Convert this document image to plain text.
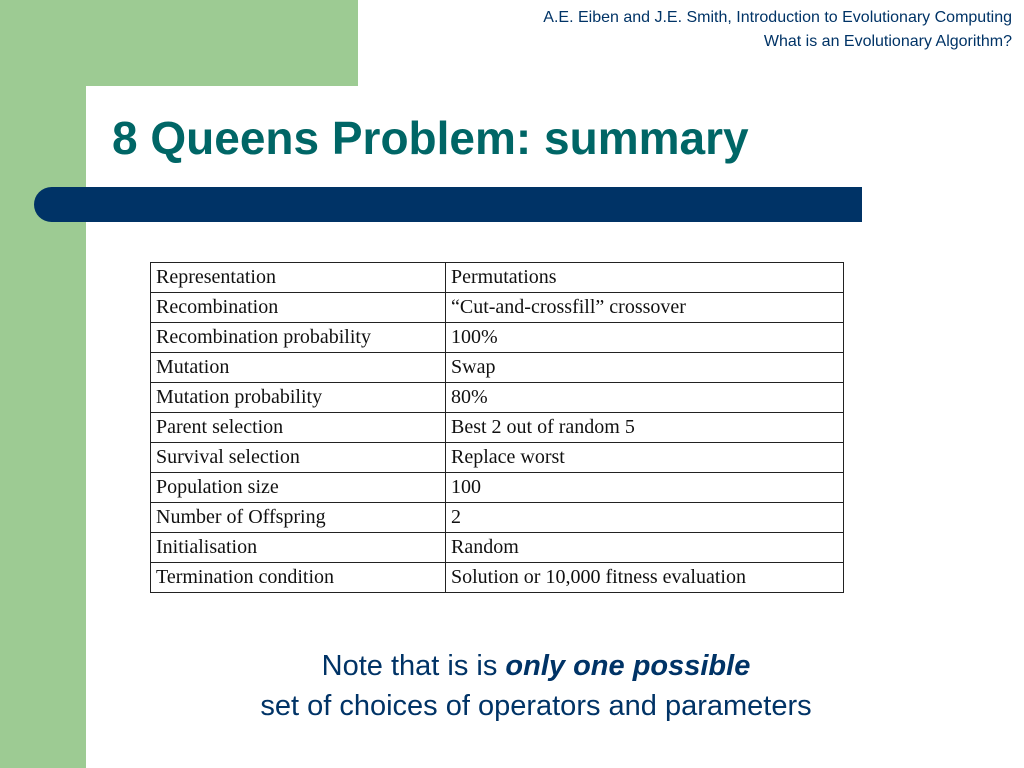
A.E. Eiben and J.E. Smith, Introduction to Evolutionary Computing
What is an Evolutionary Algorithm?
8 Queens Problem: summary
Representation	Permutations
Recombination	“Cut-and-crossfill” crossover
Recombination probability	100%
Mutation	Swap
Mutation probability	80%
Parent selection	Best 2 out of random 5
Survival selection	Replace worst
Population size	100
Number of Offspring	2
Initialisation	Random
Termination condition	Solution or 10,000 fitness evaluation
Note that is is only one possible
set of choices of operators and parameters
